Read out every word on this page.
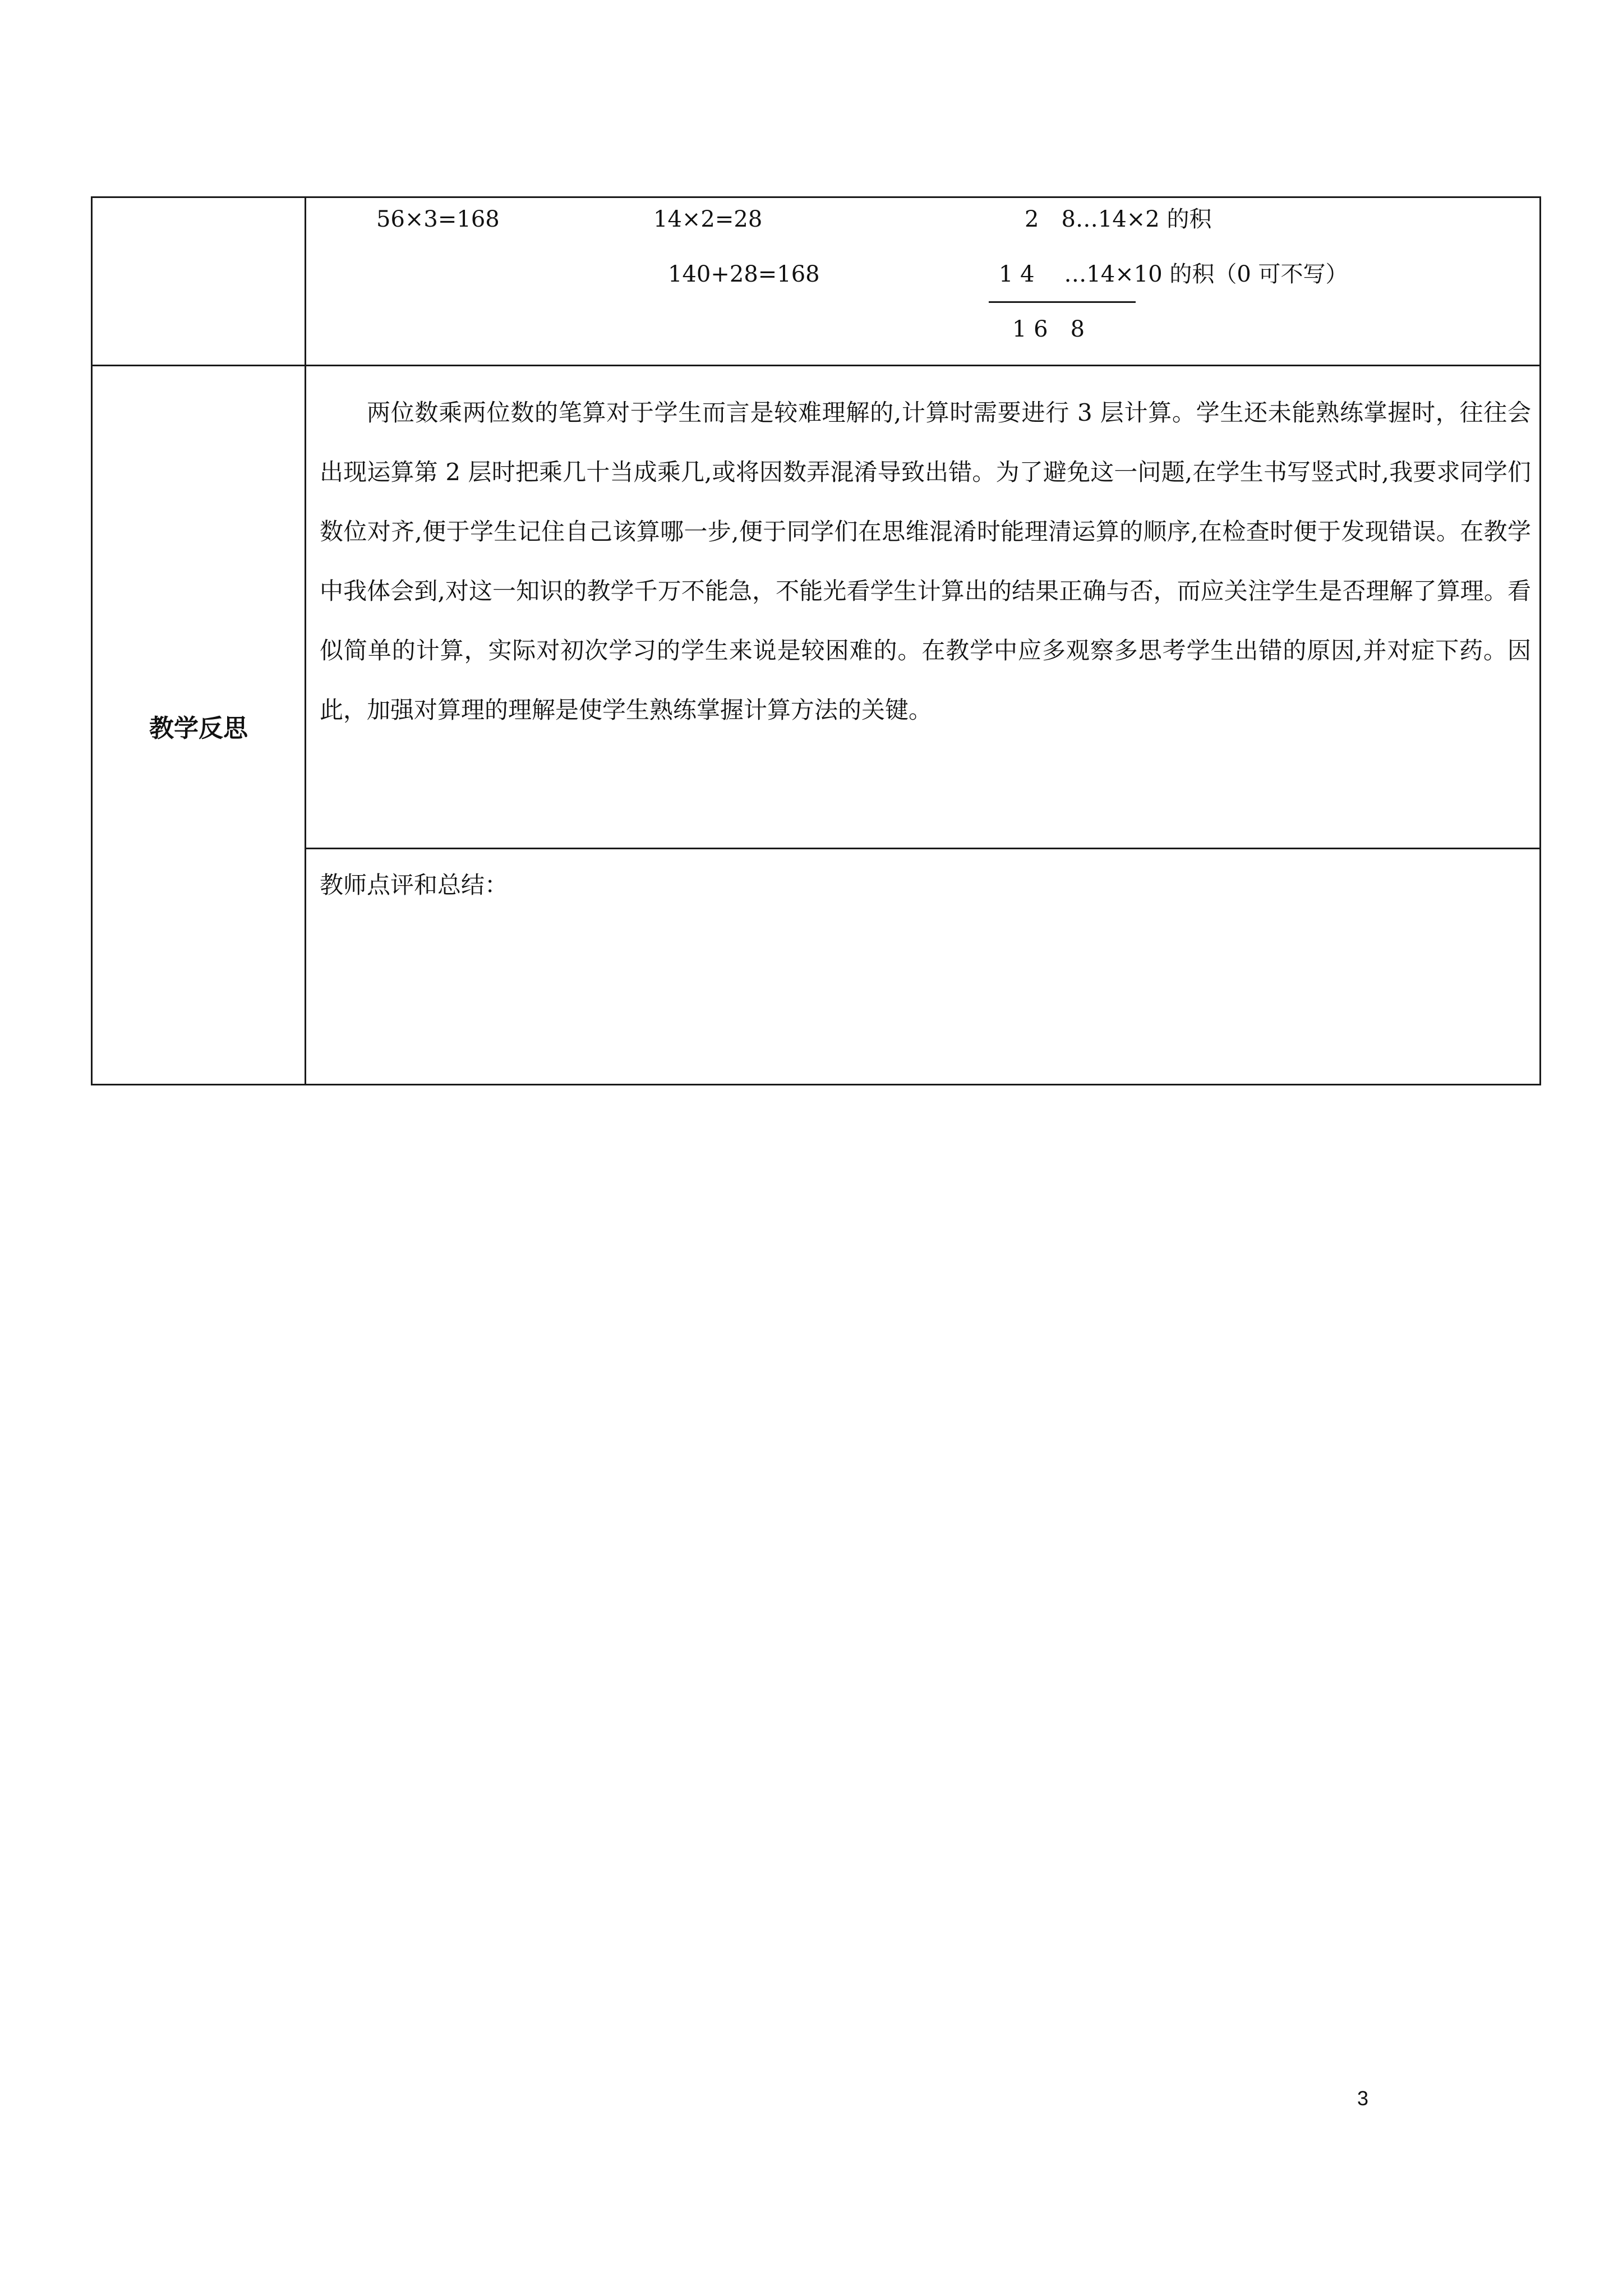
56×3=168	14×2=28
140+28=168
2　8…14×2 的积
1 4　 …14×10 的积（0 可不写）
1 6　8
教学反思

两位数乘两位数的笔算对于学生而言是较难理解的,计算时需要进行 3 层计算。学生还未能熟练掌握时，往往会出现运算第 2 层时把乘几十当成乘几,或将因数弄混淆导致出错。为了避免这一问题,在学生书写竖式时,我要求同学们数位对齐,便于学生记住自己该算哪一步,便于同学们在思维混淆时能理清运算的顺序,在检查时便于发现错误。在教学中我体会到,对这一知识的教学千万不能急，不能光看学生计算出的结果正确与否，而应关注学生是否理解了算理。看似简单的计算，实际对初次学习的学生来说是较困难的。在教学中应多观察多思考学生出错的原因,并对症下药。因此，加强对算理的理解是使学生熟练掌握计算方法的关键。

教师点评和总结：

3
